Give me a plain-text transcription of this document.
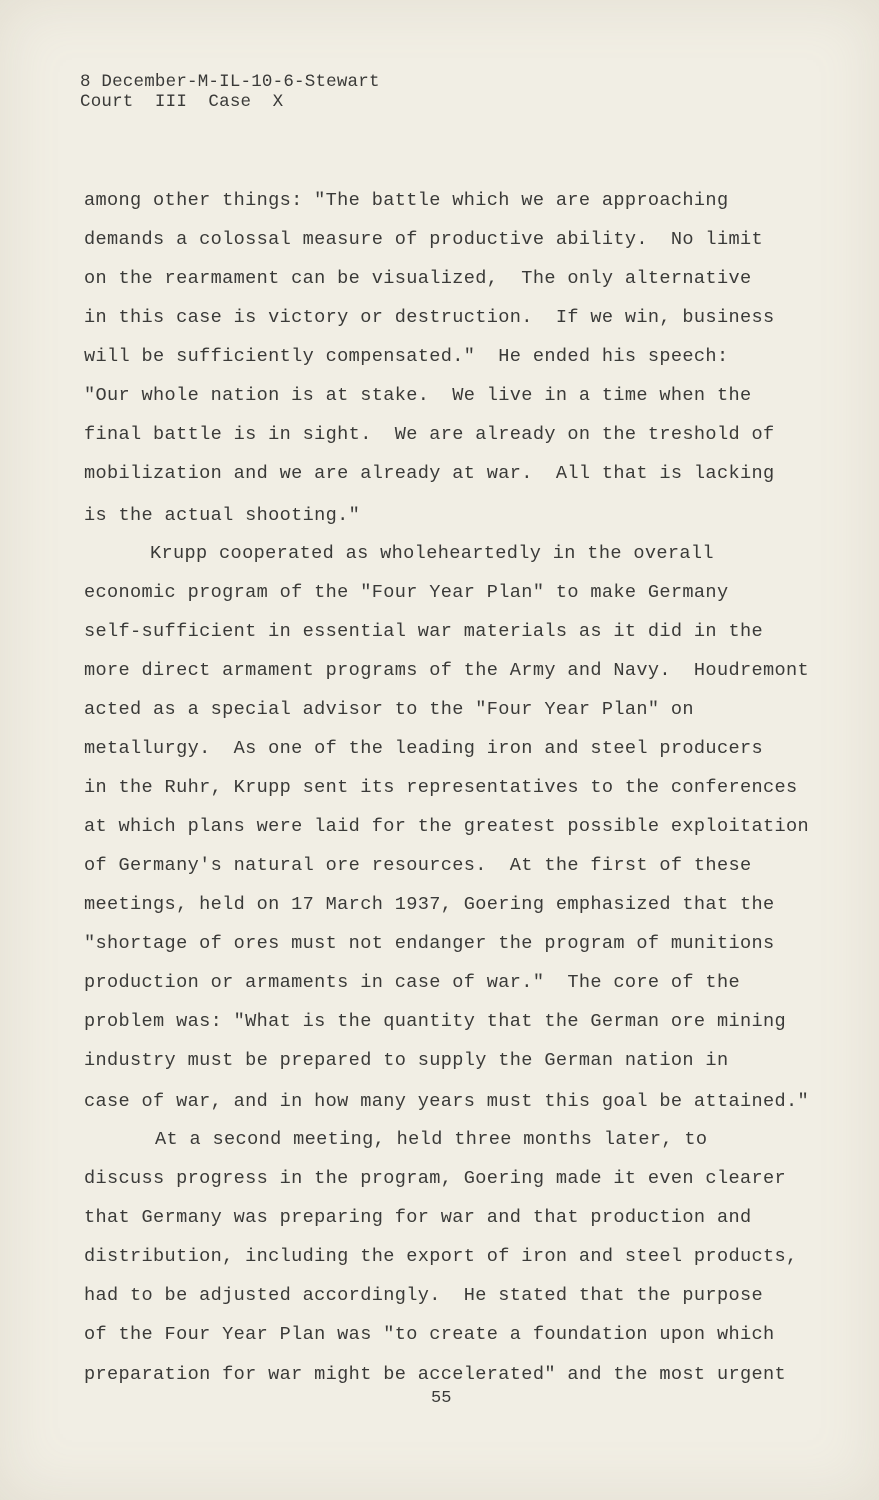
8 December-M-IL-10-6-Stewart
Court  III  Case  X
among other things: "The battle which we are approaching
demands a colossal measure of productive ability.  No limit
on the rearmament can be visualized,  The only alternative
in this case is victory or destruction.  If we win, business
will be sufficiently compensated."  He ended his speech:
"Our whole nation is at stake.  We live in a time when the
final battle is in sight.  We are already on the treshold of
mobilization and we are already at war.  All that is lacking
is the actual shooting."
Krupp cooperated as wholeheartedly in the overall
economic program of the "Four Year Plan" to make Germany
self-sufficient in essential war materials as it did in the
more direct armament programs of the Army and Navy.  Houdremont
acted as a special advisor to the "Four Year Plan" on
metallurgy.  As one of the leading iron and steel producers
in the Ruhr, Krupp sent its representatives to the conferences
at which plans were laid for the greatest possible exploitation
of Germany's natural ore resources.  At the first of these
meetings, held on 17 March 1937, Goering emphasized that the
"shortage of ores must not endanger the program of munitions
production or armaments in case of war."  The core of the
problem was: "What is the quantity that the German ore mining
industry must be prepared to supply the German nation in
case of war, and in how many years must this goal be attained."
At a second meeting, held three months later, to
discuss progress in the program, Goering made it even clearer
that Germany was preparing for war and that production and
distribution, including the export of iron and steel products,
had to be adjusted accordingly.  He stated that the purpose
of the Four Year Plan was "to create a foundation upon which
preparation for war might be accelerated" and the most urgent
55
